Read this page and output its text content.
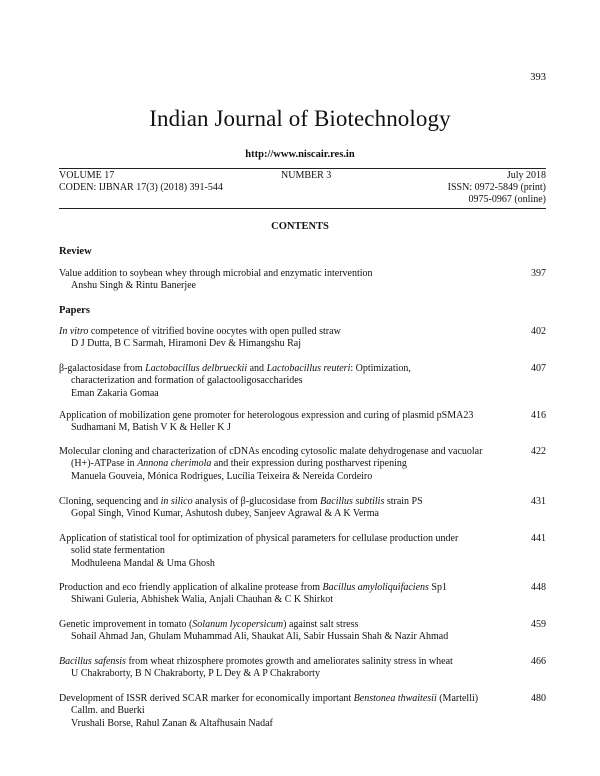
393
Indian Journal of Biotechnology
http://www.niscair.res.in
VOLUME 17
CODEN: IJBNAR 17(3) (2018) 391-544
NUMBER 3	July 2018
ISSN: 0972-5849 (print)
0975-0967 (online)
CONTENTS
Review
Papers
Value addition to soybean whey through microbial and enzymatic intervention
Anshu Singh & Rintu Banerjee
397
In vitro competence of vitrified bovine oocytes with open pulled straw
D J Dutta, B C Sarmah, Hiramoni Dev & Himangshu Raj
402
β-galactosidase from Lactobacillus delbrueckii and Lactobacillus reuteri: Optimization,
characterization and formation of galactooligosaccharides
Eman Zakaria Gomaa
407
Application of mobilization gene promoter for heterologous expression and curing of plasmid pSMA23
Sudhamani M, Batish V K & Heller K J
416
Molecular cloning and characterization of cDNAs encoding cytosolic malate dehydrogenase and vacuolar
(H+)-ATPase in Annona cherimola and their expression during postharvest ripening
Manuela Gouveia, Mónica Rodrigues, Lucília Teixeira & Nereida Cordeiro
422
Cloning, sequencing and in silico analysis of β-glucosidase from Bacillus subtilis strain PS
Gopal Singh, Vinod Kumar, Ashutosh dubey, Sanjeev Agrawal & A K Verma
431
Application of statistical tool for optimization of physical parameters for cellulase production under
solid state fermentation
Modhuleena Mandal & Uma Ghosh
441
Production and eco friendly application of alkaline protease from Bacillus amyloliquifaciens Sp1
Shiwani Guleria, Abhishek Walia, Anjali Chauhan & C K Shirkot
448
Genetic improvement in tomato (Solanum lycopersicum) against salt stress
Sohail Ahmad Jan, Ghulam Muhammad Ali, Shaukat Ali, Sabir Hussain Shah & Nazir Ahmad
459
Bacillus safensis from wheat rhizosphere promotes growth and ameliorates salinity stress in wheat
U Chakraborty, B N Chakraborty, P L Dey & A P Chakraborty
466
Development of ISSR derived SCAR marker for economically important Benstonea thwaitesii (Martelli)
Callm. and Buerki
Vrushali Borse, Rahul Zanan & Altafhusain Nadaf
480
